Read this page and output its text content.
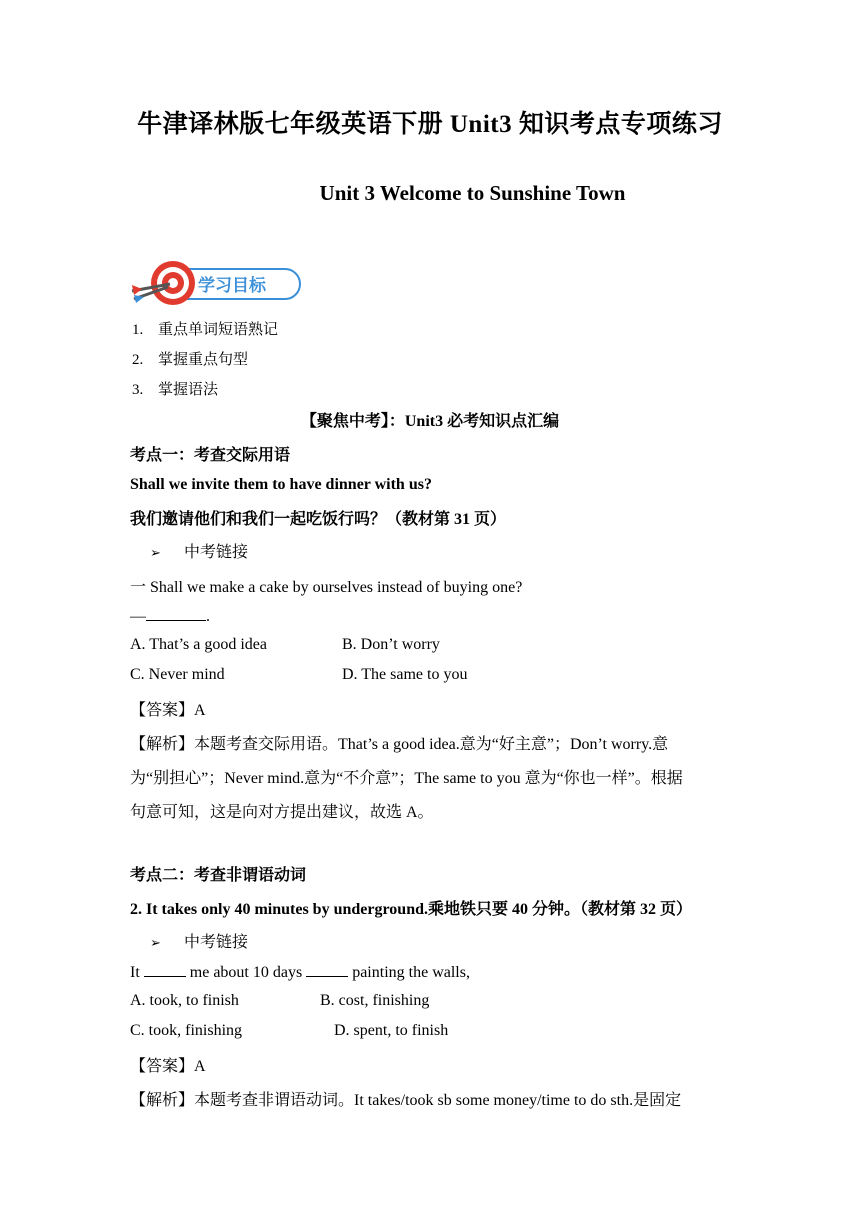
牛津译林版七年级英语下册 Unit3 知识考点专项练习
Unit 3 Welcome to Sunshine Town
学习目标
1. 重点单词短语熟记
2. 掌握重点句型
3. 掌握语法
【聚焦中考】：Unit3 必考知识点汇编
考点一：考查交际用语
Shall we invite them to have dinner with us?
我们邀请他们和我们一起吃饭行吗？（教材第 31 页）
➢ 中考链接
一 Shall we make a cake by ourselves instead of buying one?
—	.
A. That’s a good idea	B. Don’t worry
C. Never mind	D. The same to you
【答案】A
【解析】本题考查交际用语。That’s a good idea.意为“好主意”；Don’t worry.意
为“别担心”；Never mind.意为“不介意”；The same to you 意为“你也一样”。根据
句意可知，这是向对方提出建议，故选 A。
考点二：考查非谓语动词
2. It takes only 40 minutes by underground.乘地铁只要 40 分钟。（教材第 32 页）
➢ 中考链接
It	me about 10 days	painting the walls,
A. took, to finish	B. cost, finishing
C. took, finishing	D. spent, to finish
【答案】A
【解析】本题考查非谓语动词。It takes/took sb some money/time to do sth.是固定
